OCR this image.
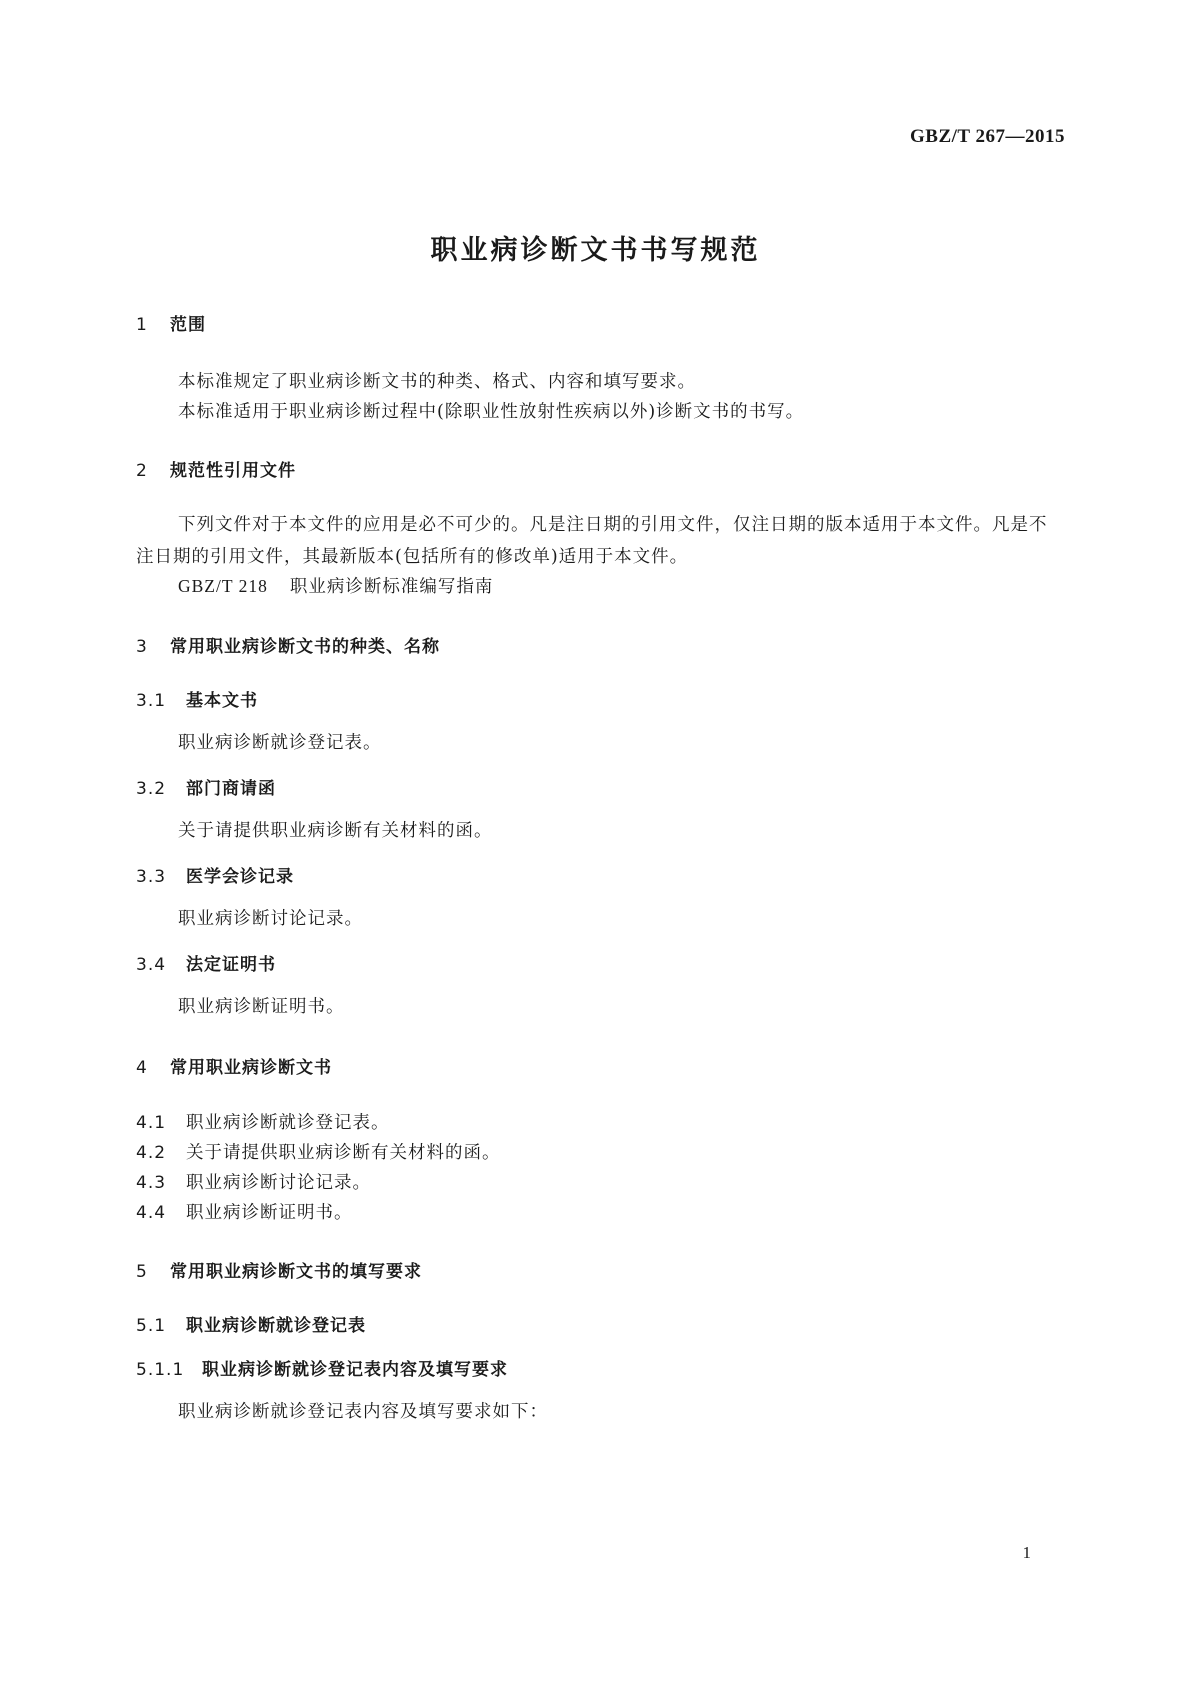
GBZ/T 267—2015
职业病诊断文书书写规范
1 范围
本标准规定了职业病诊断文书的种类、格式、内容和填写要求。
本标准适用于职业病诊断过程中(除职业性放射性疾病以外)诊断文书的书写。
2 规范性引用文件
下列文件对于本文件的应用是必不可少的。凡是注日期的引用文件，仅注日期的版本适用于本文件。凡是不注日期的引用文件，其最新版本(包括所有的修改单)适用于本文件。
GBZ/T 218 职业病诊断标准编写指南
3 常用职业病诊断文书的种类、名称
3.1 基本文书
职业病诊断就诊登记表。
3.2 部门商请函
关于请提供职业病诊断有关材料的函。
3.3 医学会诊记录
职业病诊断讨论记录。
3.4 法定证明书
职业病诊断证明书。
4 常用职业病诊断文书
4.1 职业病诊断就诊登记表。
4.2 关于请提供职业病诊断有关材料的函。
4.3 职业病诊断讨论记录。
4.4 职业病诊断证明书。
5 常用职业病诊断文书的填写要求
5.1 职业病诊断就诊登记表
5.1.1 职业病诊断就诊登记表内容及填写要求
职业病诊断就诊登记表内容及填写要求如下：
1
